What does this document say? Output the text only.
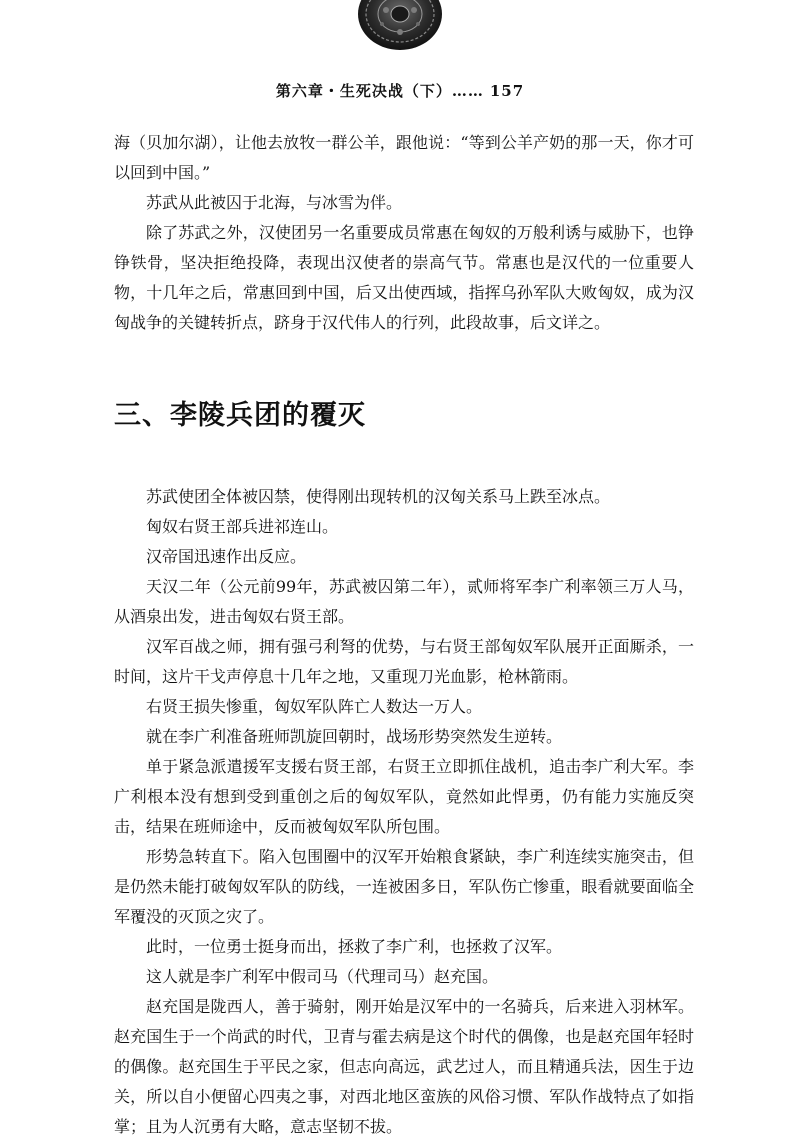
第六章・生死决战（下）…… 157

海（贝加尔湖），让他去放牧一群公羊，跟他说：“等到公羊产奶的那一天，你才可以回到中国。”

苏武从此被囚于北海，与冰雪为伴。

除了苏武之外，汉使团另一名重要成员常惠在匈奴的万般利诱与威胁下，也铮铮铁骨，坚决拒绝投降，表现出汉使者的崇高气节。常惠也是汉代的一位重要人物，十几年之后，常惠回到中国，后又出使西域，指挥乌孙军队大败匈奴，成为汉匈战争的关键转折点，跻身于汉代伟人的行列，此段故事，后文详之。

三、李陵兵团的覆灭

苏武使团全体被囚禁，使得刚出现转机的汉匈关系马上跌至冰点。

匈奴右贤王部兵进祁连山。

汉帝国迅速作出反应。

天汉二年（公元前99年，苏武被囚第二年），贰师将军李广利率领三万人马，从酒泉出发，进击匈奴右贤王部。

汉军百战之师，拥有强弓利弩的优势，与右贤王部匈奴军队展开正面厮杀，一时间，这片干戈声停息十几年之地，又重现刀光血影，枪林箭雨。

右贤王损失惨重，匈奴军队阵亡人数达一万人。

就在李广利准备班师凯旋回朝时，战场形势突然发生逆转。

单于紧急派遣援军支援右贤王部，右贤王立即抓住战机，追击李广利大军。李广利根本没有想到受到重创之后的匈奴军队，竟然如此悍勇，仍有能力实施反突击，结果在班师途中，反而被匈奴军队所包围。

形势急转直下。陷入包围圈中的汉军开始粮食紧缺，李广利连续实施突击，但是仍然未能打破匈奴军队的防线，一连被困多日，军队伤亡惨重，眼看就要面临全军覆没的灭顶之灾了。

此时，一位勇士挺身而出，拯救了李广利，也拯救了汉军。

这人就是李广利军中假司马（代理司马）赵充国。

赵充国是陇西人，善于骑射，刚开始是汉军中的一名骑兵，后来进入羽林军。赵充国生于一个尚武的时代，卫青与霍去病是这个时代的偶像，也是赵充国年轻时的偶像。赵充国生于平民之家，但志向高远，武艺过人，而且精通兵法，因生于边关，所以自小便留心四夷之事，对西北地区蛮族的风俗习惯、军队作战特点了如指掌；且为人沉勇有大略，意志坚韧不拔。
